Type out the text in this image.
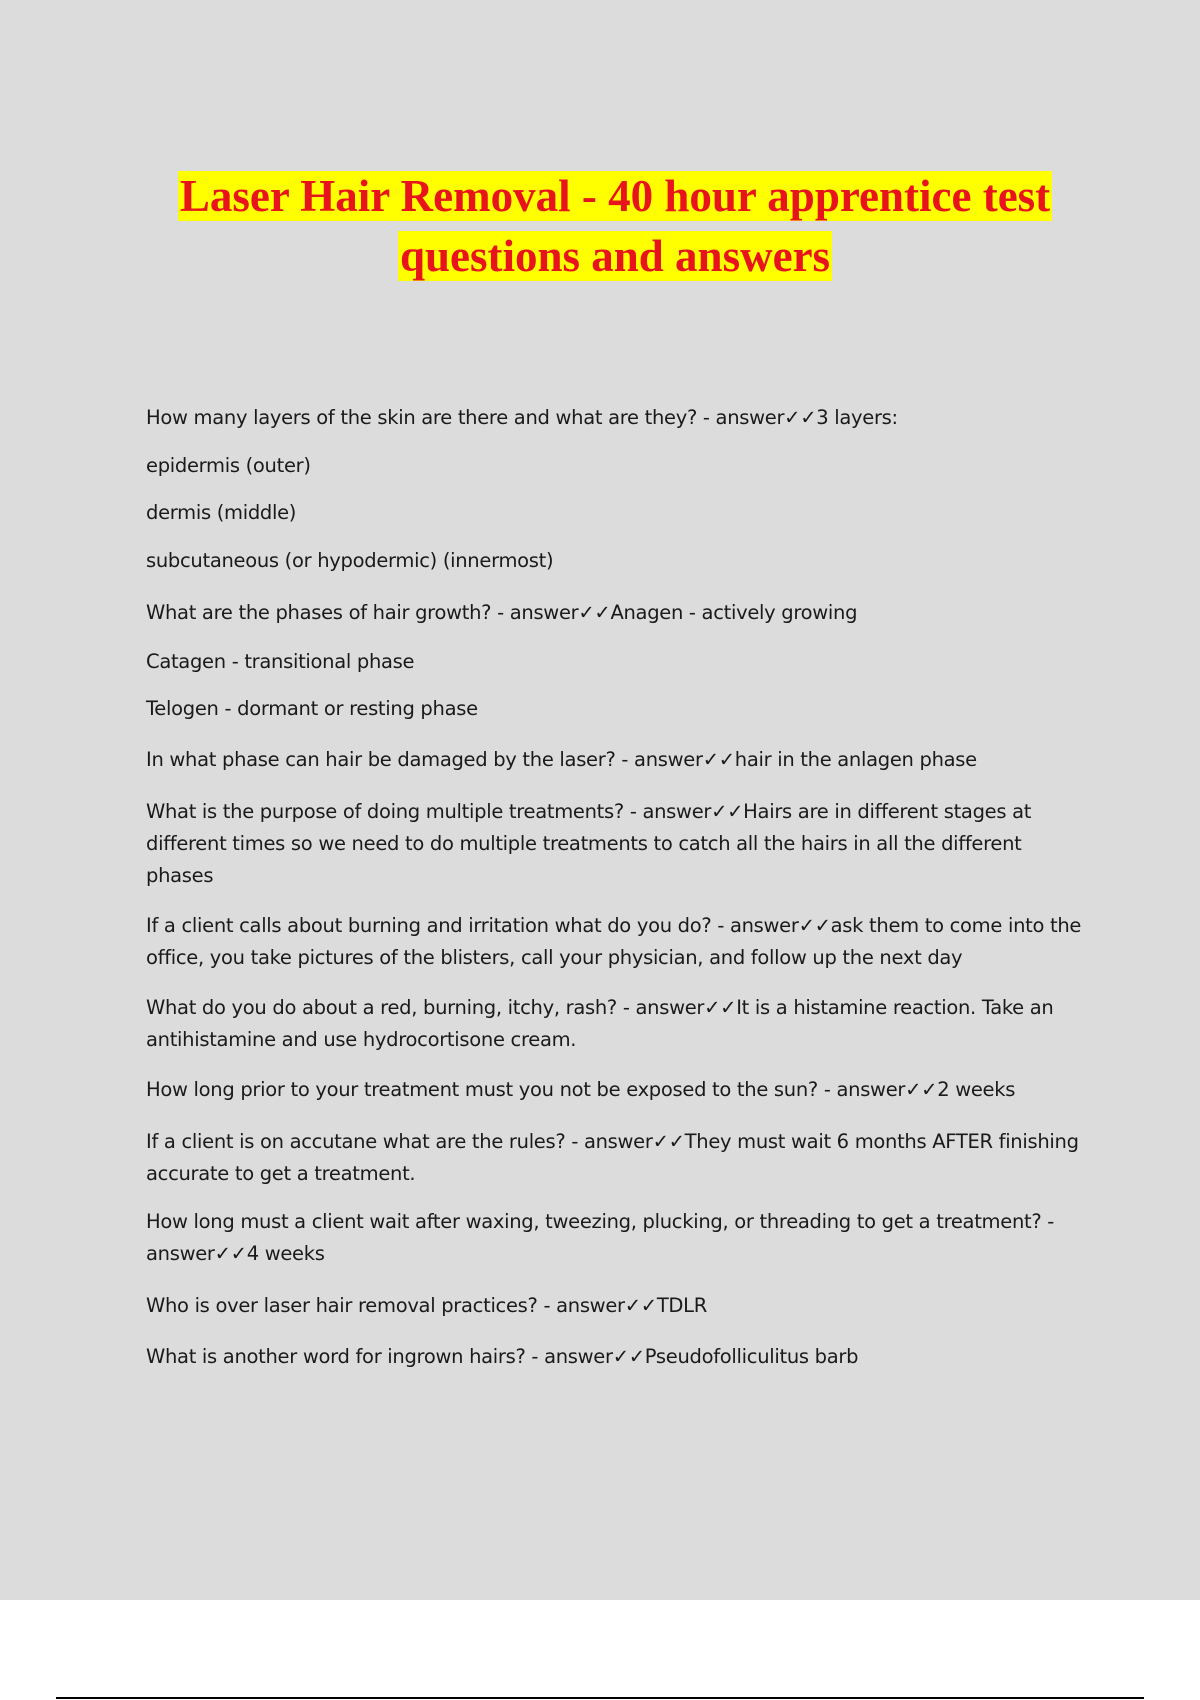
Laser Hair Removal - 40 hour apprentice test
questions and answers

How many layers of the skin are there and what are they? - answer✓✓3 layers:

epidermis (outer)

dermis (middle)

subcutaneous (or hypodermic) (innermost)

What are the phases of hair growth? - answer✓✓Anagen - actively growing

Catagen - transitional phase

Telogen - dormant or resting phase

In what phase can hair be damaged by the laser? - answer✓✓hair in the anlagen phase

What is the purpose of doing multiple treatments? - answer✓✓Hairs are in different stages at different times so we need to do multiple treatments to catch all the hairs in all the different phases

If a client calls about burning and irritation what do you do? - answer✓✓ask them to come into the office, you take pictures of the blisters, call your physician, and follow up the next day

What do you do about a red, burning, itchy, rash? - answer✓✓It is a histamine reaction. Take an antihistamine and use hydrocortisone cream.

How long prior to your treatment must you not be exposed to the sun? - answer✓✓2 weeks

If a client is on accutane what are the rules? - answer✓✓They must wait 6 months AFTER finishing accurate to get a treatment.

How long must a client wait after waxing, tweezing, plucking, or threading to get a treatment? - answer✓✓4 weeks

Who is over laser hair removal practices? - answer✓✓TDLR

What is another word for ingrown hairs? - answer✓✓Pseudofolliculitus barb
